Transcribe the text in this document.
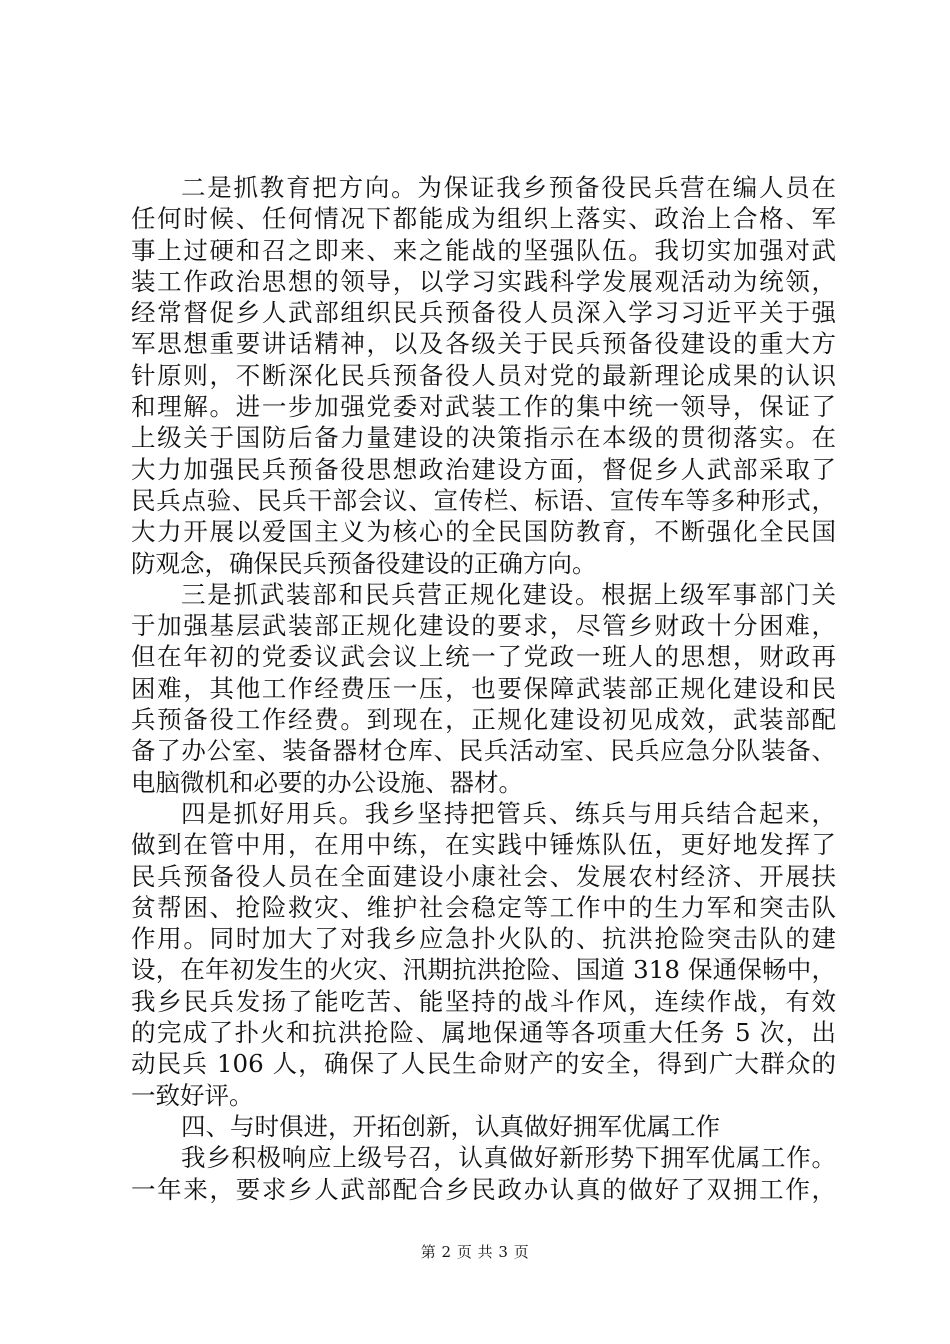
二是抓教育把方向。为保证我乡预备役民兵营在编人员在
任何时候、任何情况下都能成为组织上落实、政治上合格、军
事上过硬和召之即来、来之能战的坚强队伍。我切实加强对武
装工作政治思想的领导，以学习实践科学发展观活动为统领，
经常督促乡人武部组织民兵预备役人员深入学习习近平关于强
军思想重要讲话精神，以及各级关于民兵预备役建设的重大方
针原则，不断深化民兵预备役人员对党的最新理论成果的认识
和理解。进一步加强党委对武装工作的集中统一领导，保证了
上级关于国防后备力量建设的决策指示在本级的贯彻落实。在
大力加强民兵预备役思想政治建设方面，督促乡人武部采取了
民兵点验、民兵干部会议、宣传栏、标语、宣传车等多种形式，
大力开展以爱国主义为核心的全民国防教育，不断强化全民国
防观念，确保民兵预备役建设的正确方向。
三是抓武装部和民兵营正规化建设。根据上级军事部门关
于加强基层武装部正规化建设的要求，尽管乡财政十分困难，
但在年初的党委议武会议上统一了党政一班人的思想，财政再
困难，其他工作经费压一压，也要保障武装部正规化建设和民
兵预备役工作经费。到现在，正规化建设初见成效，武装部配
备了办公室、装备器材仓库、民兵活动室、民兵应急分队装备、
电脑微机和必要的办公设施、器材。
四是抓好用兵。我乡坚持把管兵、练兵与用兵结合起来，
做到在管中用，在用中练，在实践中锤炼队伍，更好地发挥了
民兵预备役人员在全面建设小康社会、发展农村经济、开展扶
贫帮困、抢险救灾、维护社会稳定等工作中的生力军和突击队
作用。同时加大了对我乡应急扑火队的、抗洪抢险突击队的建
设，在年初发生的火灾、汛期抗洪抢险、国道 318 保通保畅中，
我乡民兵发扬了能吃苦、能坚持的战斗作风，连续作战，有效
的完成了扑火和抗洪抢险、属地保通等各项重大任务 5 次，出
动民兵 106 人，确保了人民生命财产的安全，得到广大群众的
一致好评。
四、与时俱进，开拓创新，认真做好拥军优属工作
我乡积极响应上级号召，认真做好新形势下拥军优属工作。
一年来，要求乡人武部配合乡民政办认真的做好了双拥工作，
第 2 页 共 3 页
